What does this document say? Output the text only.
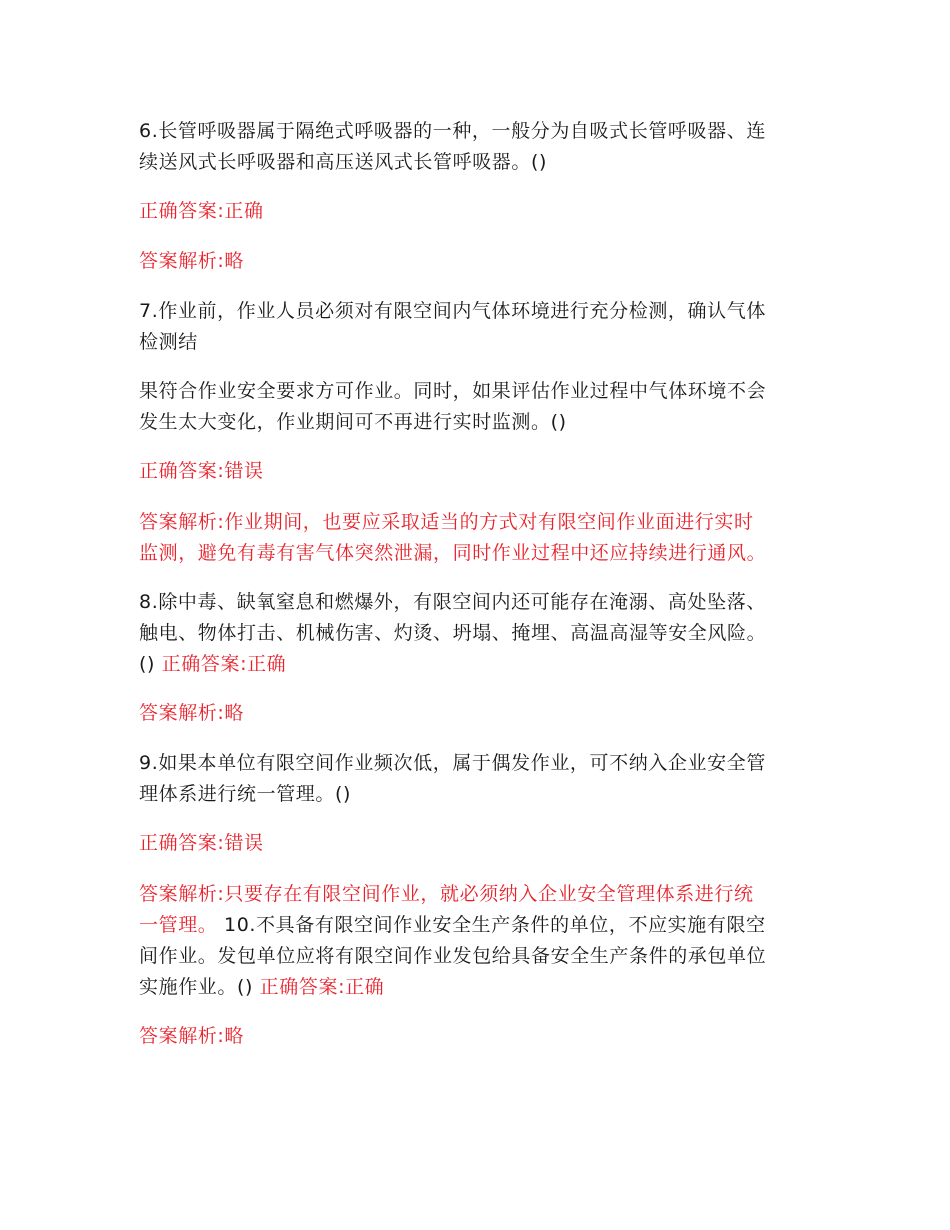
6.长管呼吸器属于隔绝式呼吸器的一种，一般分为自吸式长管呼吸器、连
续送风式长呼吸器和高压送风式长管呼吸器。()
正确答案:正确
答案解析:略
7.作业前，作业人员必须对有限空间内气体环境进行充分检测，确认气体
检测结
果符合作业安全要求方可作业。同时，如果评估作业过程中气体环境不会
发生太大变化，作业期间可不再进行实时监测。()
正确答案:错误
答案解析:作业期间，也要应采取适当的方式对有限空间作业面进行实时
监测，避免有毒有害气体突然泄漏，同时作业过程中还应持续进行通风。
8.除中毒、缺氧窒息和燃爆外，有限空间内还可能存在淹溺、高处坠落、
触电、物体打击、机械伤害、灼烫、坍塌、掩埋、高温高湿等安全风险。
() 正确答案:正确
答案解析:略
9.如果本单位有限空间作业频次低，属于偶发作业，可不纳入企业安全管
理体系进行统一管理。()
正确答案:错误
答案解析:只要存在有限空间作业，就必须纳入企业安全管理体系进行统
一管理。 10.不具备有限空间作业安全生产条件的单位，不应实施有限空
间作业。发包单位应将有限空间作业发包给具备安全生产条件的承包单位
实施作业。() 正确答案:正确
答案解析:略
